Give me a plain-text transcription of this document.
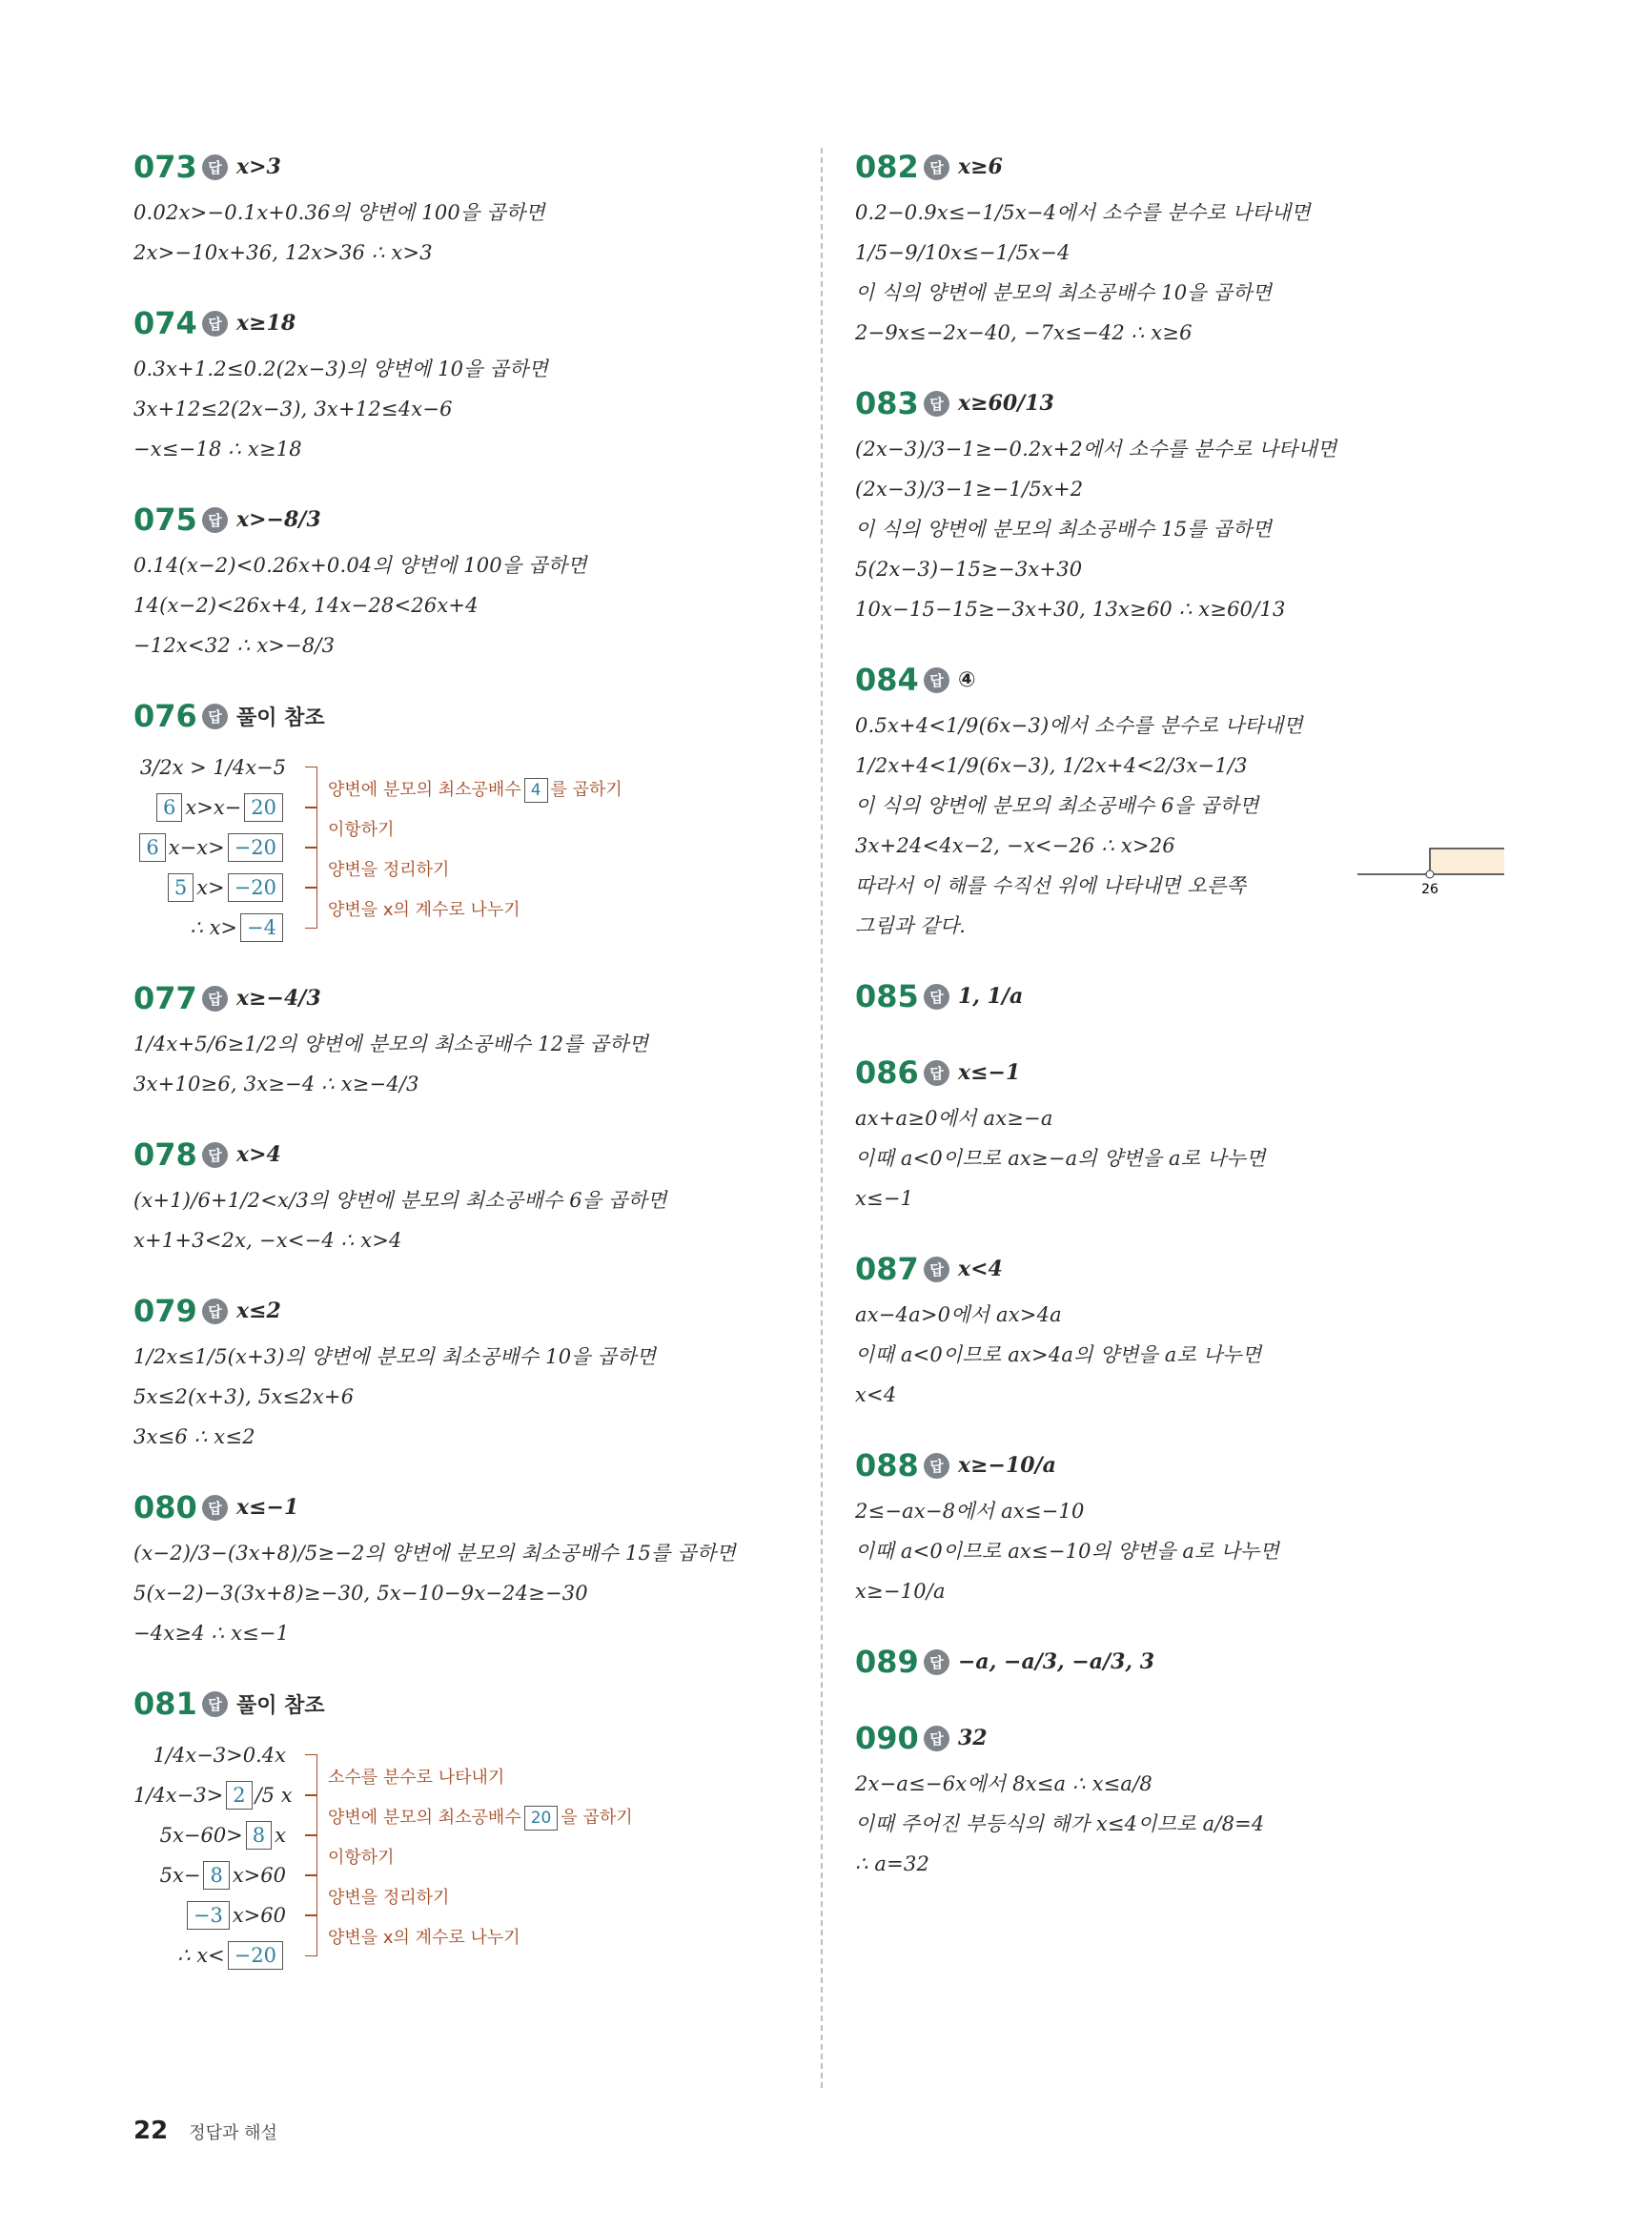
073 답 x>3
0.02x>−0.1x+0.36의 양변에 100을 곱하면
2x>−10x+36, 12x>36 ∴ x>3
074 답 x≥18
0.3x+1.2≤0.2(2x−3)의 양변에 10을 곱하면
3x+12≤2(2x−3), 3x+12≤4x−6
−x≤−18 ∴ x≥18
075 답 x>−8/3
0.14(x−2)<0.26x+0.04의 양변에 100을 곱하면
14(x−2)<26x+4, 14x−28<26x+4
−12x<32 ∴ x>−8/3
076 답 풀이 참조
3/2x > 1/4x−5
6 x>x− 20
6 x−x> −20
5 x> −20
∴ x> −4
양변에 분모의 최소공배수 4 를 곱하기
이항하기
양변을 정리하기
양변을 x의 계수로 나누기
077 답 x≥−4/3
1/4x+5/6≥1/2의 양변에 분모의 최소공배수 12를 곱하면
3x+10≥6, 3x≥−4 ∴ x≥−4/3
078 답 x>4
(x+1)/6+1/2<x/3의 양변에 분모의 최소공배수 6을 곱하면
x+1+3<2x, −x<−4 ∴ x>4
079 답 x≤2
1/2x≤1/5(x+3)의 양변에 분모의 최소공배수 10을 곱하면
5x≤2(x+3), 5x≤2x+6
3x≤6 ∴ x≤2
080 답 x≤−1
(x−2)/3−(3x+8)/5≥−2의 양변에 분모의 최소공배수 15를 곱하면
5(x−2)−3(3x+8)≥−30, 5x−10−9x−24≥−30
−4x≥4 ∴ x≤−1
081 답 풀이 참조
1/4x−3>0.4x
1/4x−3> 2 /5 x
5x−60> 8 x
5x− 8 x>60
−3 x>60
∴ x< −20
소수를 분수로 나타내기
양변에 분모의 최소공배수 20 을 곱하기
이항하기
양변을 정리하기
양변을 x의 계수로 나누기
082 답 x≥6
0.2−0.9x≤−1/5x−4에서 소수를 분수로 나타내면
1/5−9/10x≤−1/5x−4
이 식의 양변에 분모의 최소공배수 10을 곱하면
2−9x≤−2x−40, −7x≤−42 ∴ x≥6
083 답 x≥60/13
(2x−3)/3−1≥−0.2x+2에서 소수를 분수로 나타내면
(2x−3)/3−1≥−1/5x+2
이 식의 양변에 분모의 최소공배수 15를 곱하면
5(2x−3)−15≥−3x+30
10x−15−15≥−3x+30, 13x≥60 ∴ x≥60/13
084 답 ④
0.5x+4<1/9(6x−3)에서 소수를 분수로 나타내면
1/2x+4<1/9(6x−3), 1/2x+4<2/3x−1/3
이 식의 양변에 분모의 최소공배수 6을 곱하면
3x+24<4x−2, −x<−26 ∴ x>26
따라서 이 해를 수직선 위에 나타내면 오른쪽
그림과 같다.
26
085 답 1, 1/a
086 답 x≤−1
ax+a≥0에서 ax≥−a
이때 a<0이므로 ax≥−a의 양변을 a로 나누면
x≤−1
087 답 x<4
ax−4a>0에서 ax>4a
이때 a<0이므로 ax>4a의 양변을 a로 나누면
x<4
088 답 x≥−10/a
2≤−ax−8에서 ax≤−10
이때 a<0이므로 ax≤−10의 양변을 a로 나누면
x≥−10/a
089 답 −a, −a/3, −a/3, 3
090 답 32
2x−a≤−6x에서 8x≤a ∴ x≤a/8
이때 주어진 부등식의 해가 x≤4이므로 a/8=4
∴ a=32
22 정답과 해설
